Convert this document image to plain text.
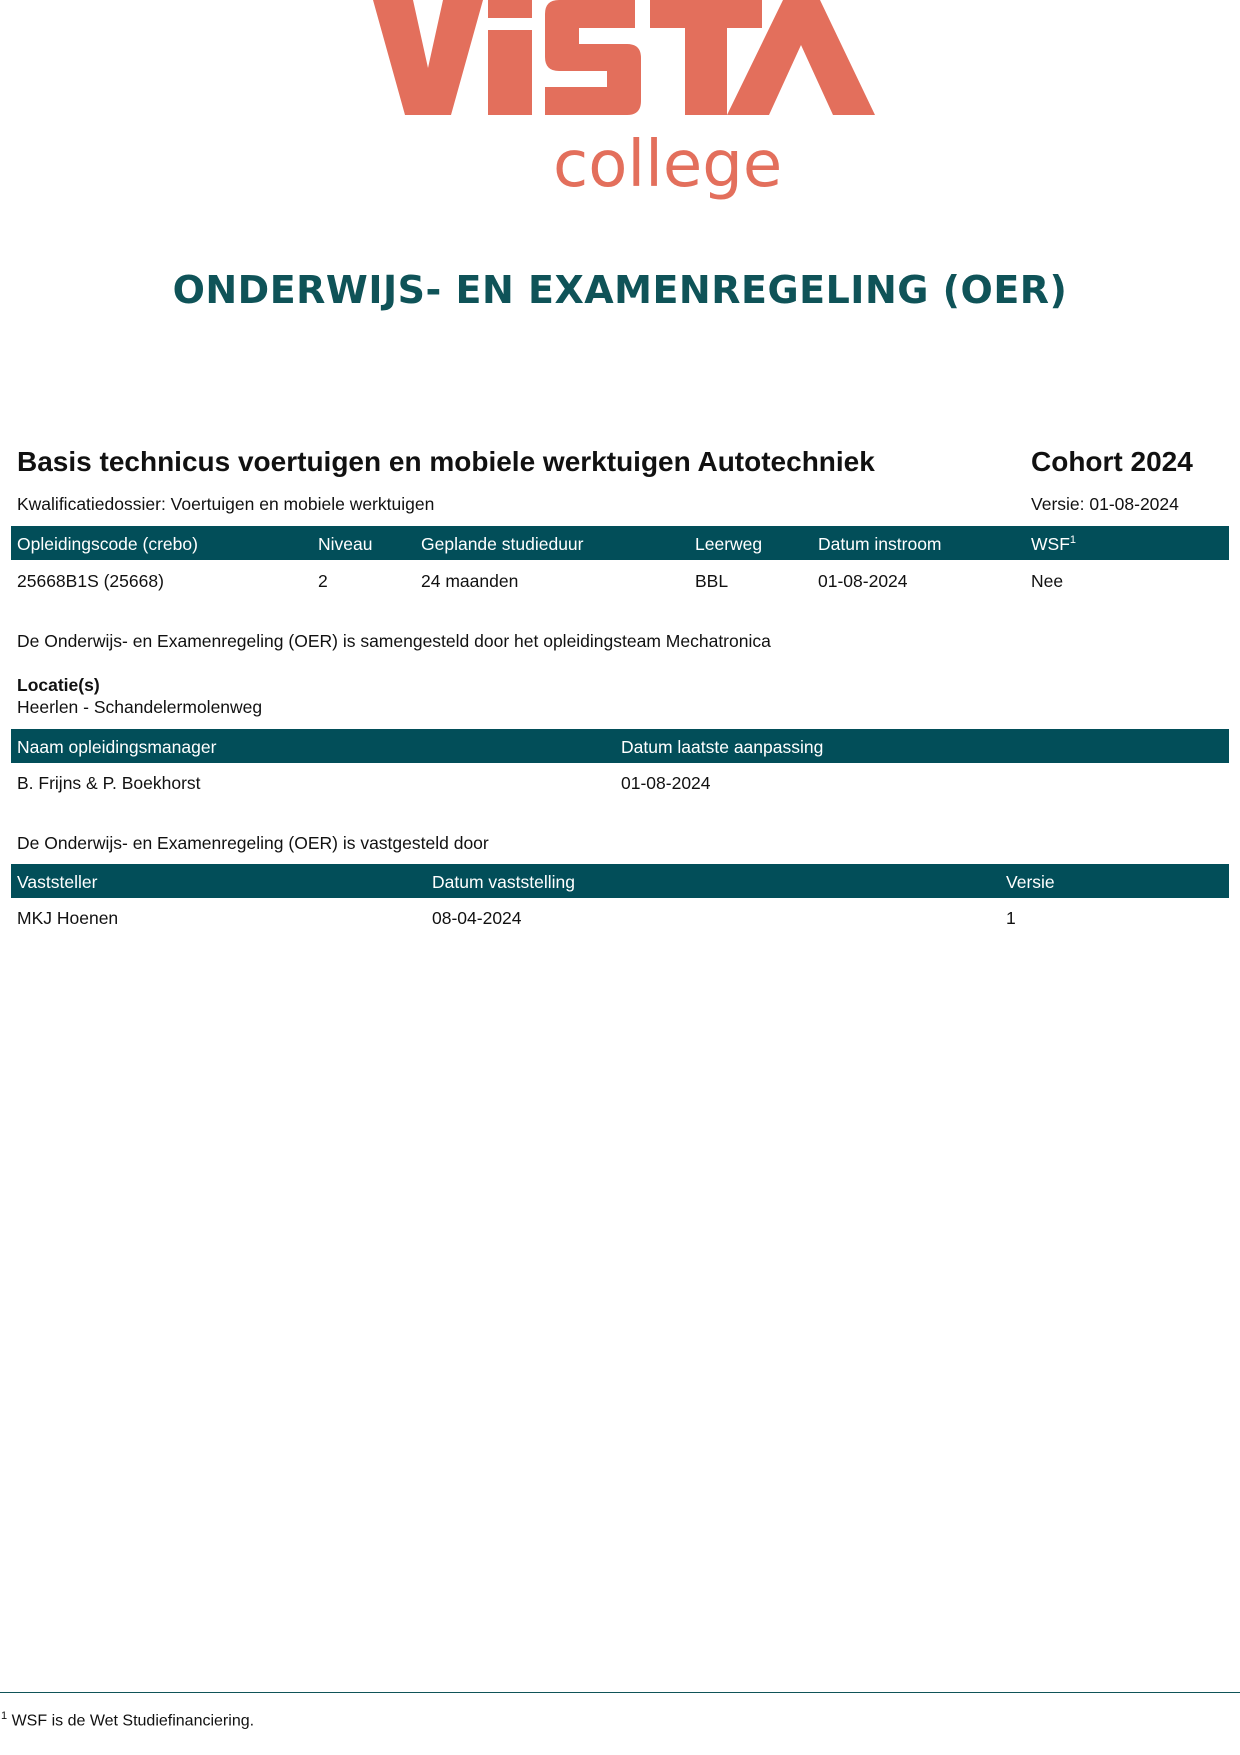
college
ONDERWIJS- EN EXAMENREGELING (OER)
Basis technicus voertuigen en mobiele werktuigen Autotechniek	Cohort 2024
Kwalificatiedossier: Voertuigen en mobiele werktuigen	Versie: 01-08-2024
Opleidingscode (crebo)	Niveau	Geplande studieduur	Leerweg	Datum instroom	WSF$^1$
25668B1S (25668)	2	24 maanden	BBL	01-08-2024	Nee
De Onderwijs- en Examenregeling (OER) is samengesteld door het opleidingsteam Mechatronica
Locatie(s)
Heerlen - Schandelermolenweg
Naam opleidingsmanager	Datum laatste aanpassing
B. Frijns & P. Boekhorst	01-08-2024
De Onderwijs- en Examenregeling (OER) is vastgesteld door
Vaststeller	Datum vaststelling	Versie
MKJ Hoenen	08-04-2024	1
$^1$ WSF is de Wet Studiefinanciering.
